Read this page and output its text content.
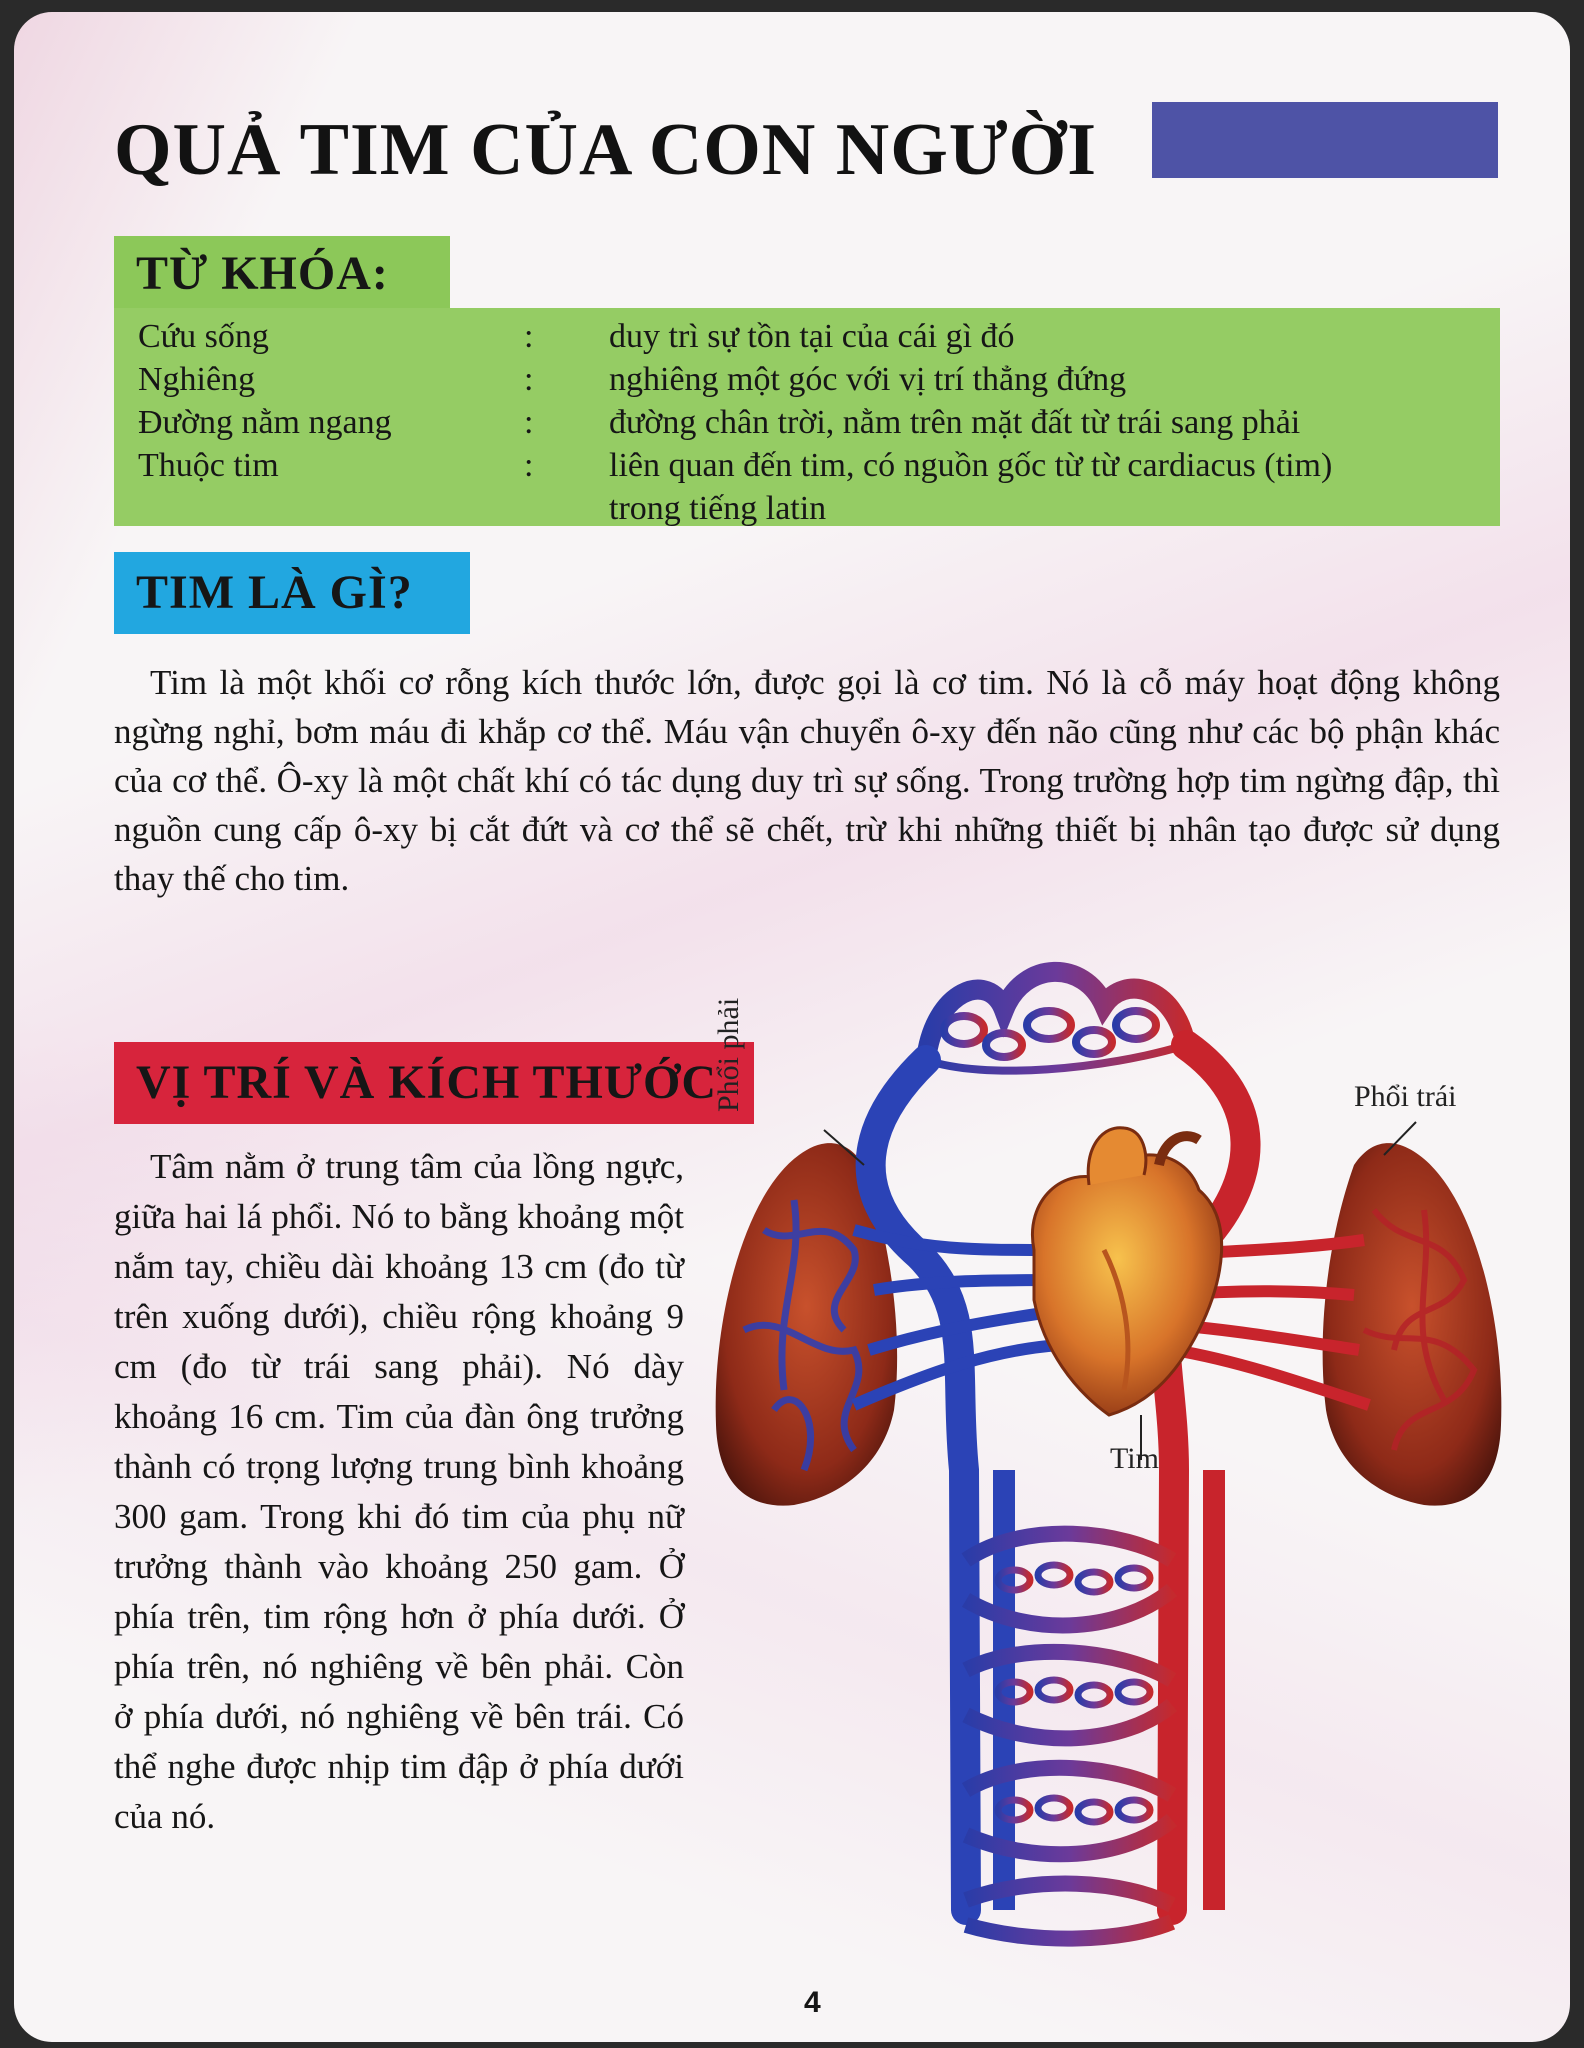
QUẢ TIM CỦA CON NGƯỜI
TỪ KHÓA:
Cứu sống	: duy trì sự tồn tại của cái gì đó
Nghiêng	: nghiêng một góc với vị trí thẳng đứng
Đường nằm ngang	: đường chân trời, nằm trên mặt đất từ trái sang phải
Thuộc tim	: liên quan đến tim, có nguồn gốc từ từ cardiacus (tim) trong tiếng latin
TIM LÀ GÌ?

Tim là một khối cơ rỗng kích thước lớn, được gọi là cơ tim. Nó là cỗ máy hoạt động không ngừng nghỉ, bơm máu đi khắp cơ thể. Máu vận chuyển ô-xy đến não cũng như các bộ phận khác của cơ thể. Ô-xy là một chất khí có tác dụng duy trì sự sống. Trong trường hợp tim ngừng đập, thì nguồn cung cấp ô-xy bị cắt đứt và cơ thể sẽ chết, trừ khi những thiết bị nhân tạo được sử dụng thay thế cho tim.

VỊ TRÍ VÀ KÍCH THƯỚC

Tâm nằm ở trung tâm của lồng ngực, giữa hai lá phổi. Nó to bằng khoảng một nắm tay, chiều dài khoảng 13 cm (đo từ trên xuống dưới), chiều rộng khoảng 9 cm (đo từ trái sang phải). Nó dày khoảng 16 cm. Tim của đàn ông trưởng thành có trọng lượng trung bình khoảng 300 gam. Trong khi đó tim của phụ nữ trưởng thành vào khoảng 250 gam. Ở phía trên, tim rộng hơn ở phía dưới. Ở phía trên, nó nghiêng về bên phải. Còn ở phía dưới, nó nghiêng về bên trái. Có thể nghe được nhịp tim đập ở phía dưới của nó.

Phổi phải	Phổi trái
Tim
4
